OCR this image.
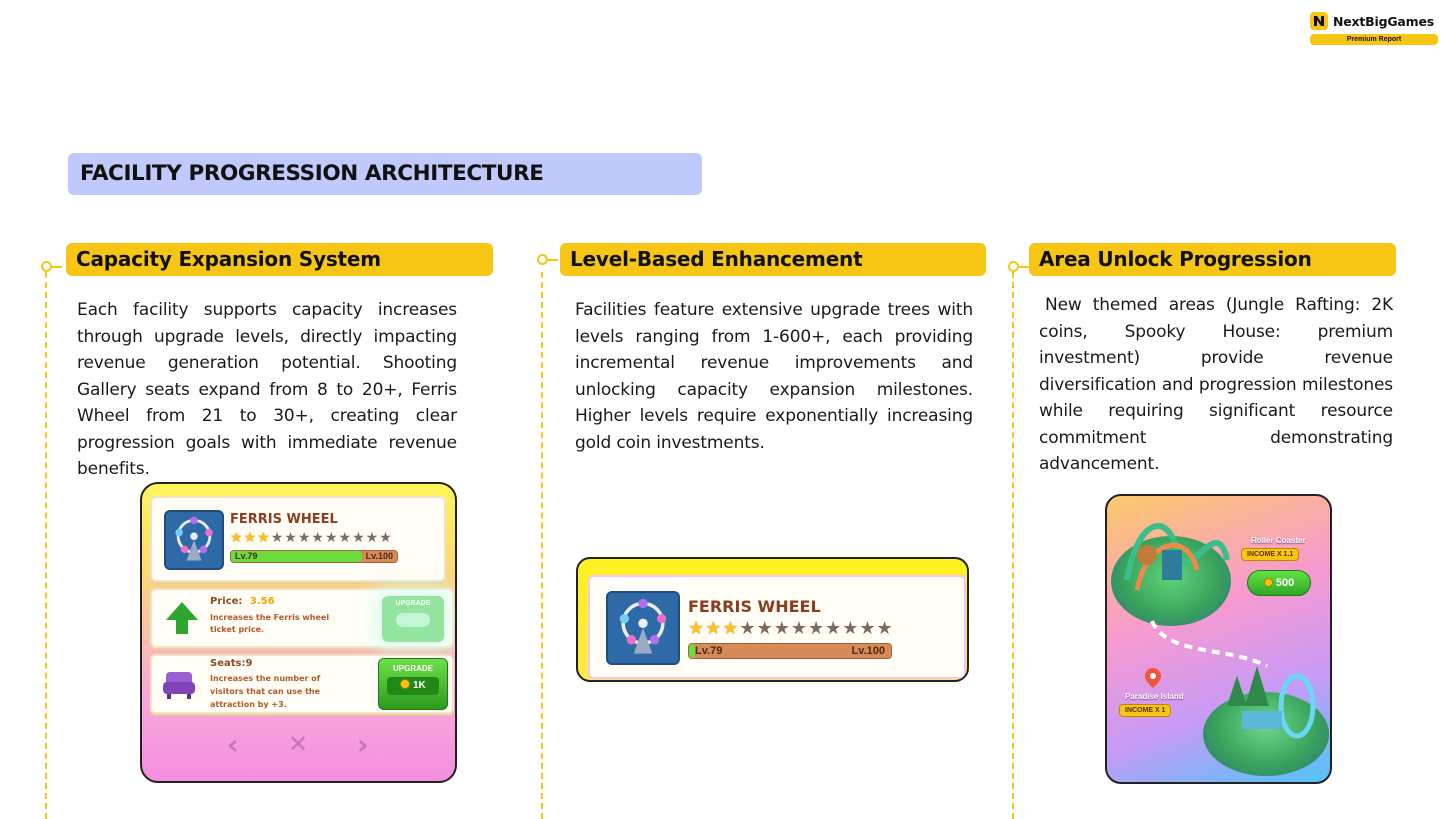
NextBigGames
Premium Report
FACILITY PROGRESSION ARCHITECTURE
Capacity Expansion System
Each facility supports capacity increases through upgrade levels, directly impacting revenue generation potential. Shooting Gallery seats expand from 8 to 20+, Ferris Wheel from 21 to 30+, creating clear progression goals with immediate revenue benefits.
Level-Based Enhancement
Facilities feature extensive upgrade trees with levels ranging from 1-600+, each providing incremental revenue improvements and unlocking capacity expansion milestones. Higher levels require exponentially increasing gold coin investments.
Area Unlock Progression
New themed areas (Jungle Rafting: 2K coins, Spooky House: premium investment) provide revenue diversification and progression milestones while requiring significant resource commitment demonstrating advancement.
FERRIS WHEEL
★ ★ ★ ★ ★ ★ ★ ★ ★ ★ ★ ★
Lv.79	Lv.100
Price: 3.56
Increases the Ferris wheel ticket price.
UPGRADE
Seats:9
Increases the number of visitors that can use the attraction by +3.
UPGRADE
1K
‹ ✕ ›
FERRIS WHEEL
★ ★ ★ ★ ★ ★ ★ ★ ★ ★ ★ ★
Lv.79	Lv.100
Roller Coaster
INCOME X 1.1
500
Paradise Island
INCOME X 1
